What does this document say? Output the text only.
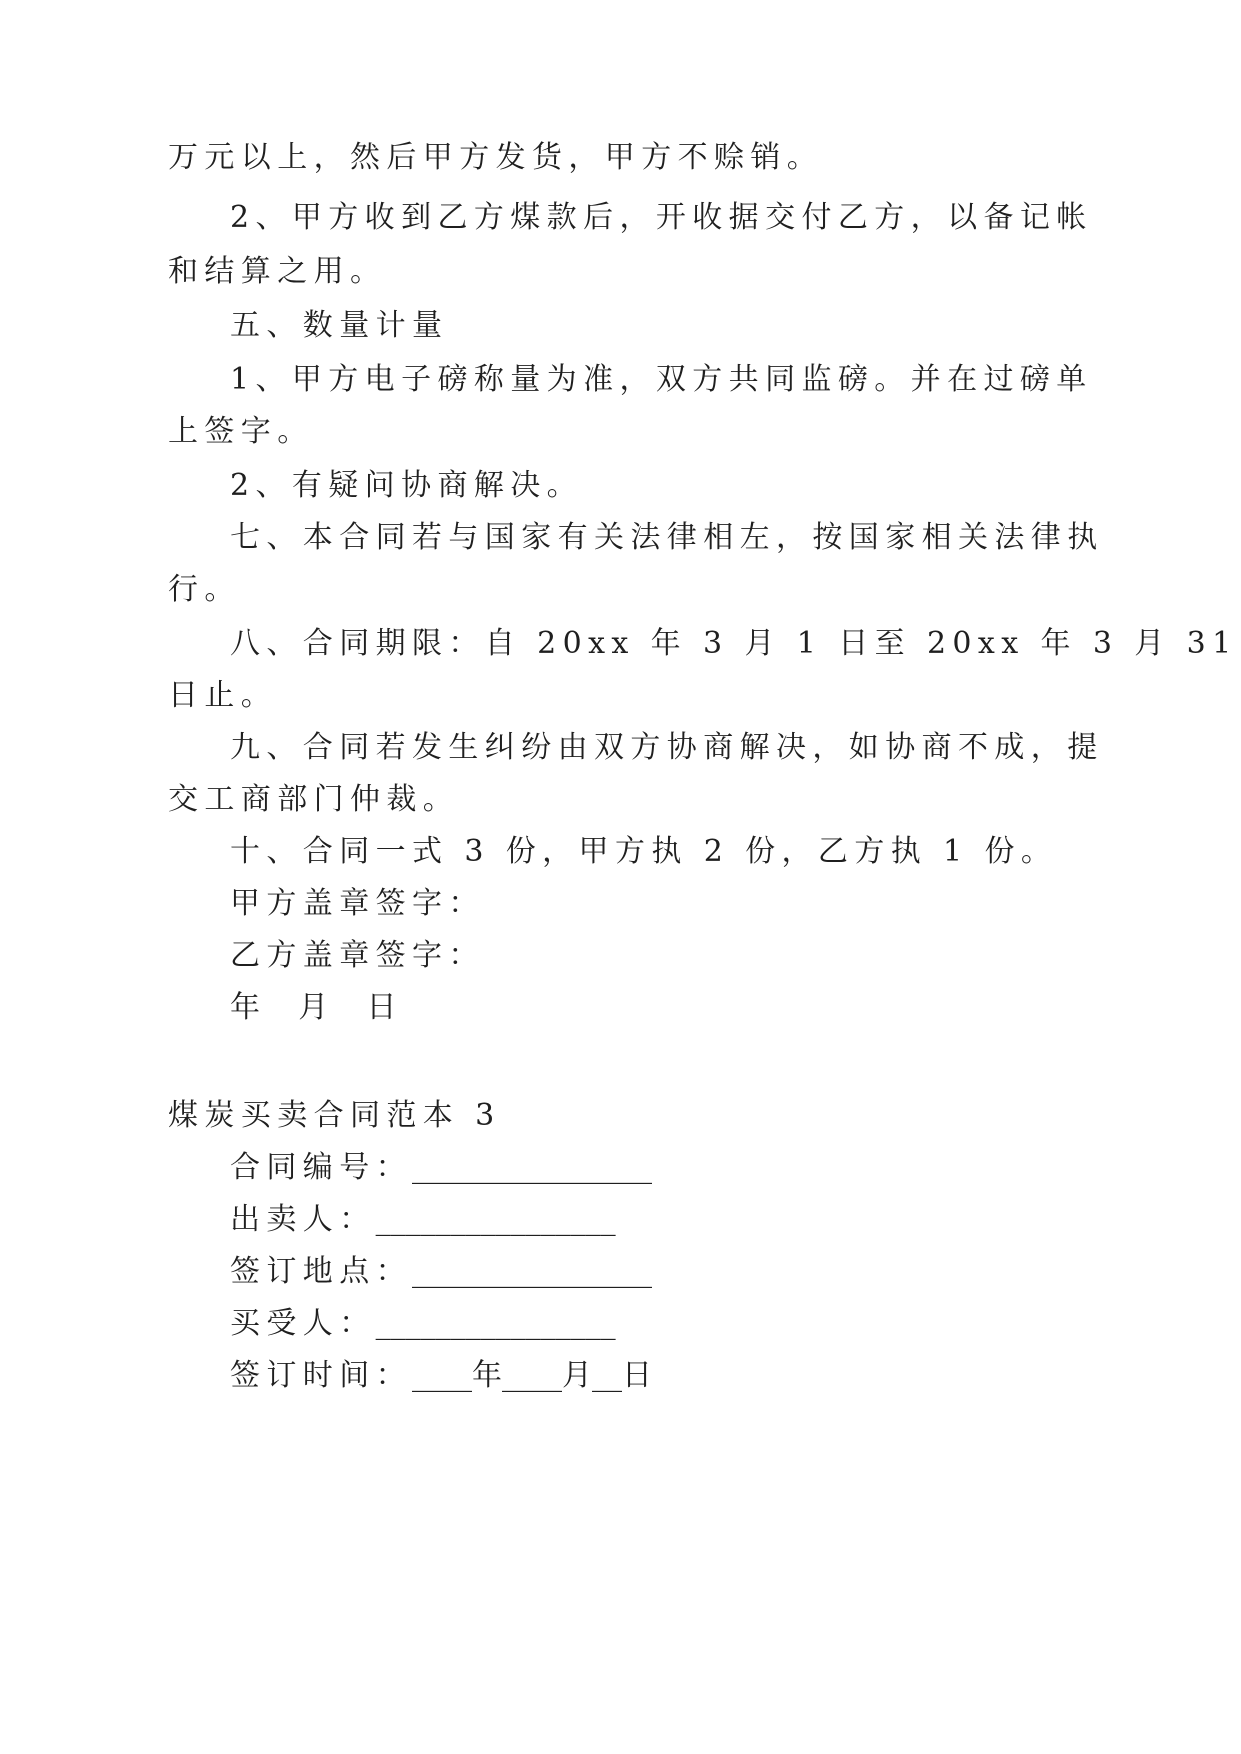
万元以上，然后甲方发货，甲方不赊销。
2、甲方收到乙方煤款后，开收据交付乙方，以备记帐
和结算之用。
五、数量计量
1、甲方电子磅称量为准，双方共同监磅。并在过磅单
上签字。
2、有疑问协商解决。
七、本合同若与国家有关法律相左，按国家相关法律执
行。
八、合同期限：自 20xx 年 3 月 1 日至 20xx 年 3 月 31
日止。
九、合同若发生纠纷由双方协商解决，如协商不成，提
交工商部门仲裁。
十、合同一式 3 份，甲方执 2 份，乙方执 1 份。
甲方盖章签字：
乙方盖章签字：
年  月  日
煤炭买卖合同范本 3
合同编号：________________
出卖人：________________
签订地点：________________
买受人：________________
签订时间：____年____月__日
